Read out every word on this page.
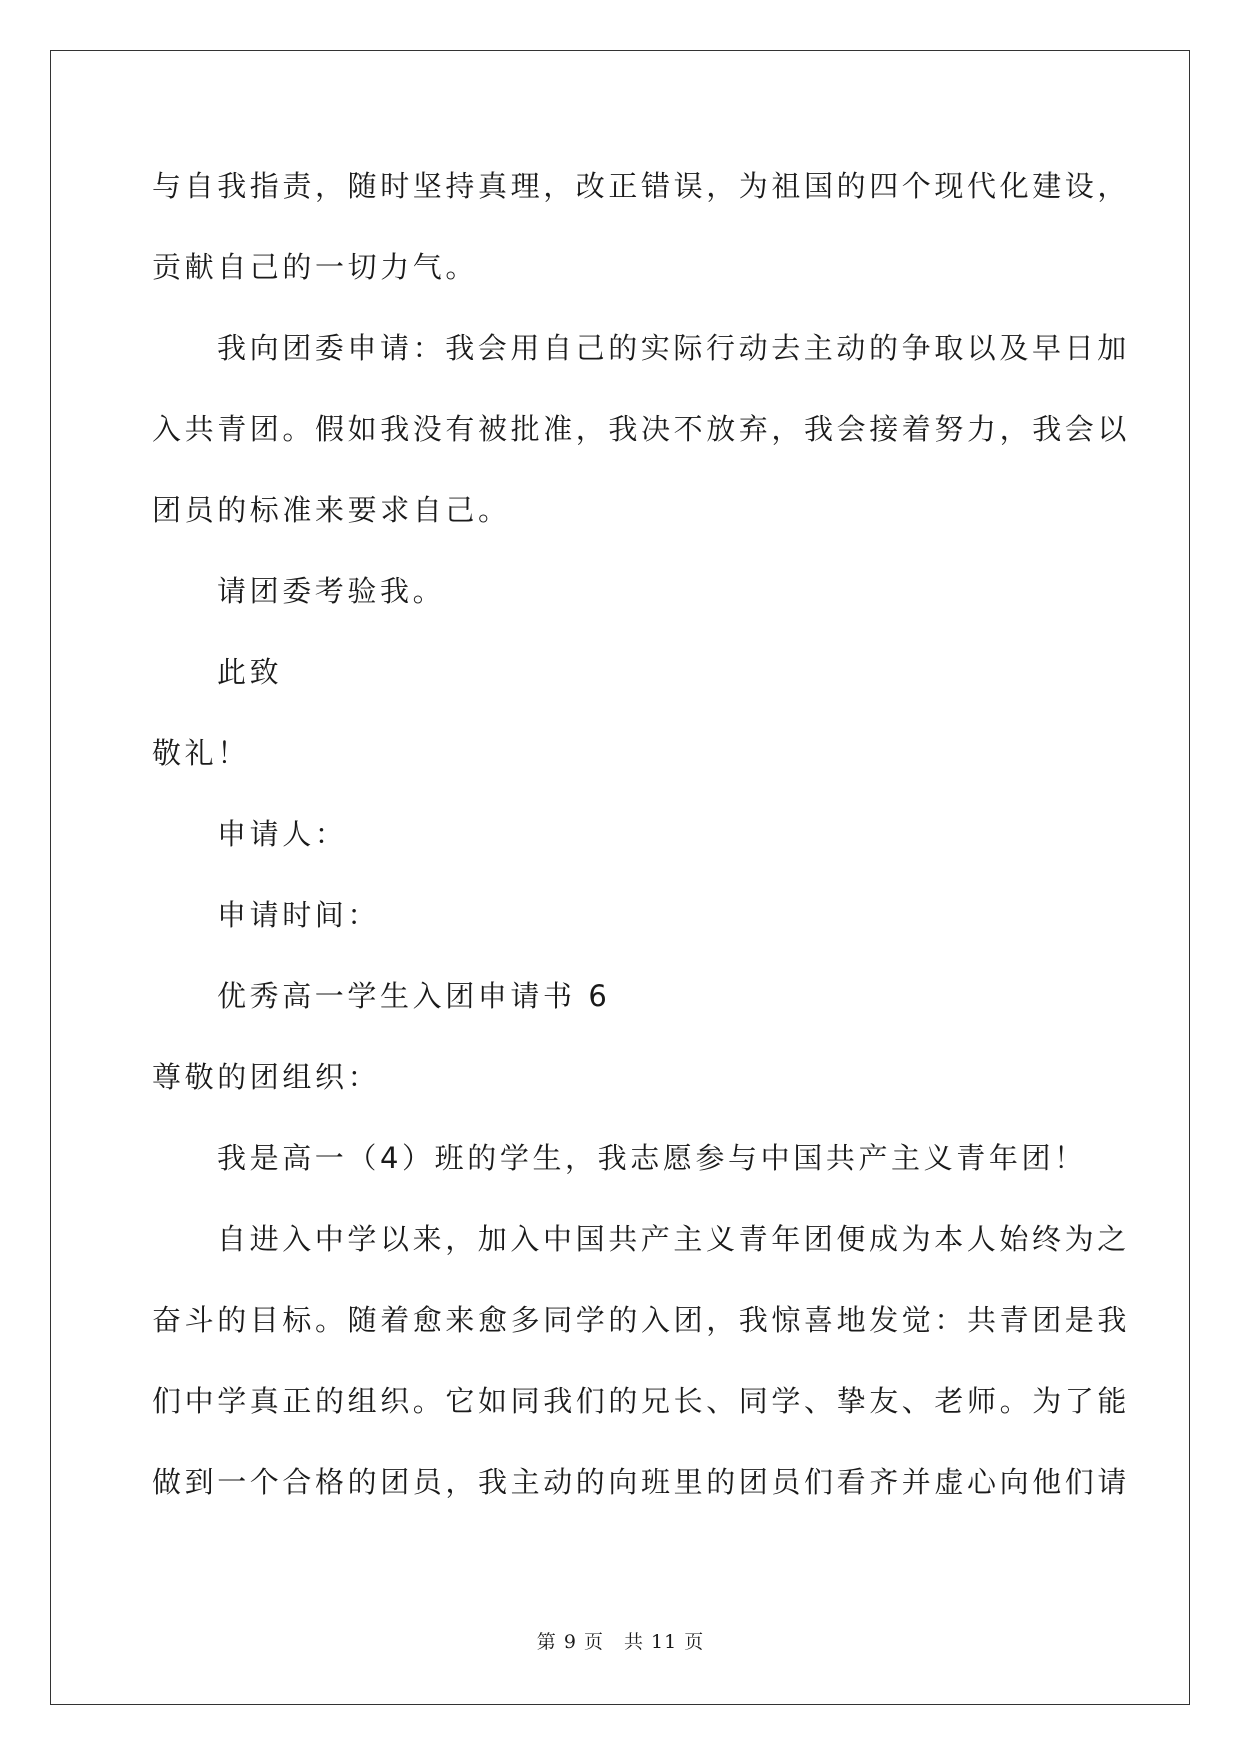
与自我指责，随时坚持真理，改正错误，为祖国的四个现代化建设，
贡献自己的一切力气。
我向团委申请：我会用自己的实际行动去主动的争取以及早日加
入共青团。假如我没有被批准，我决不放弃，我会接着努力，我会以
团员的标准来要求自己。
请团委考验我。
此致
敬礼！
申请人：
申请时间：
优秀高一学生入团申请书 6
尊敬的团组织：
我是高一（4）班的学生，我志愿参与中国共产主义青年团！
自进入中学以来，加入中国共产主义青年团便成为本人始终为之
奋斗的目标。随着愈来愈多同学的入团，我惊喜地发觉：共青团是我
们中学真正的组织。它如同我们的兄长、同学、挚友、老师。为了能
做到一个合格的团员，我主动的向班里的团员们看齐并虚心向他们请
第 9 页 共 11 页
